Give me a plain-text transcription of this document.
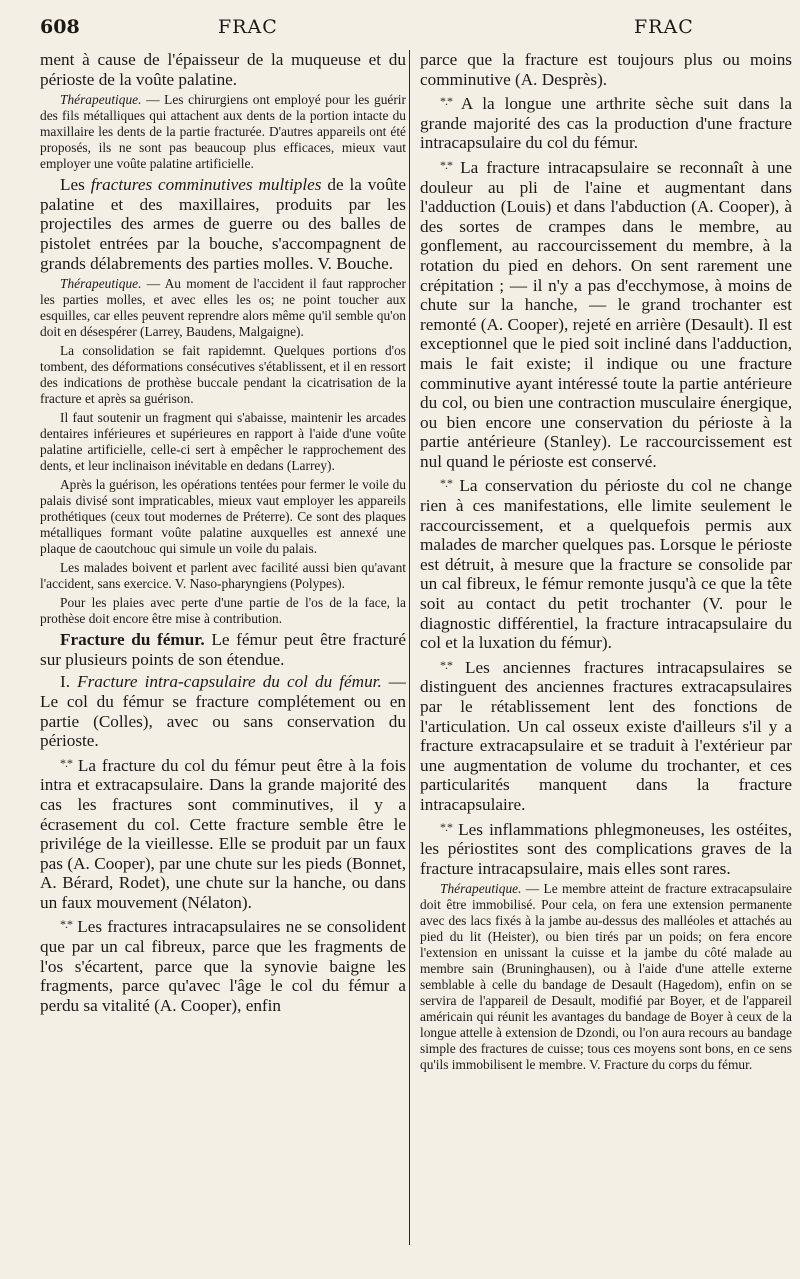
608	FRAC	FRAC

ment à cause de l'épaisseur de la muqueuse et du périoste de la voûte palatine.

Thérapeutique. — Les chirurgiens ont employé pour les guérir des fils métalliques qui attachent aux dents de la portion intacte du maxillaire les dents de la partie fracturée. D'autres appareils ont été proposés, ils ne sont pas beaucoup plus efficaces, mieux vaut employer une voûte palatine artificielle.

Les fractures comminutives multiples de la voûte palatine et des maxillaires, produits par les projectiles des armes de guerre ou des balles de pistolet entrées par la bouche, s'accompagnent de grands délabrements des parties molles. V. Bouche.

Thérapeutique. — Au moment de l'accident il faut rapprocher les parties molles, et avec elles les os; ne point toucher aux esquilles, car elles peuvent reprendre alors même qu'il semble qu'on doit en désespérer (Larrey, Baudens, Malgaigne).

La consolidation se fait rapidemnt. Quelques portions d'os tombent, des déformations consécutives s'établissent, et il en ressort des indications de prothèse buccale pendant la cicatrisation de la fracture et après sa guérison.

Il faut soutenir un fragment qui s'abaisse, maintenir les arcades dentaires inférieures et supérieures en rapport à l'aide d'une voûte palatine artificielle, celle-ci sert à empêcher le rapprochement des dents, et leur inclinaison inévitable en dedans (Larrey).

Après la guérison, les opérations tentées pour fermer le voile du palais divisé sont impraticables, mieux vaut employer les appareils prothétiques (ceux tout modernes de Préterre). Ce sont des plaques métalliques formant voûte palatine auxquelles est annexé une plaque de caoutchouc qui simule un voile du palais.

Les malades boivent et parlent avec facilité aussi bien qu'avant l'accident, sans exercice. V. Naso-pharyngiens (Polypes).

Pour les plaies avec perte d'une partie de l'os de la face, la prothèse doit encore être mise à contribution.

Fracture du fémur. Le fémur peut être fracturé sur plusieurs points de son étendue.

I. Fracture intra-capsulaire du col du fémur. — Le col du fémur se fracture complétement ou en partie (Colles), avec ou sans conservation du périoste.

*.* La fracture du col du fémur peut être à la fois intra et extracapsulaire. Dans la grande majorité des cas les fractures sont comminutives, il y a écrasement du col. Cette fracture semble être le privilége de la vieillesse. Elle se produit par un faux pas (A. Cooper), par une chute sur les pieds (Bonnet, A. Bérard, Rodet), une chute sur la hanche, ou dans un faux mouvement (Nélaton).

*.* Les fractures intracapsulaires ne se consolident que par un cal fibreux, parce que les fragments de l'os s'écartent, parce que la synovie baigne les fragments, parce qu'avec l'âge le col du fémur a perdu sa vitalité (A. Cooper), enfin

parce que la fracture est toujours plus ou moins comminutive (A. Desprès).

*.* A la longue une arthrite sèche suit dans la grande majorité des cas la production d'une fracture intracapsulaire du col du fémur.

*.* La fracture intracapsulaire se reconnaît à une douleur au pli de l'aine et augmentant dans l'adduction (Louis) et dans l'abduction (A. Cooper), à des sortes de crampes dans le membre, au gonflement, au raccourcissement du membre, à la rotation du pied en dehors. On sent rarement une crépitation ; — il n'y a pas d'ecchymose, à moins de chute sur la hanche, — le grand trochanter est remonté (A. Cooper), rejeté en arrière (Desault). Il est exceptionnel que le pied soit incliné dans l'adduction, mais le fait existe; il indique ou une fracture comminutive ayant intéressé toute la partie antérieure du col, ou bien une contraction musculaire énergique, ou bien encore une conservation du périoste à la partie antérieure (Stanley). Le raccourcissement est nul quand le périoste est conservé.

*.* La conservation du périoste du col ne change rien à ces manifestations, elle limite seulement le raccourcissement, et a quelquefois permis aux malades de marcher quelques pas. Lorsque le périoste est détruit, à mesure que la fracture se consolide par un cal fibreux, le fémur remonte jusqu'à ce que la tête soit au contact du petit trochanter (V. pour le diagnostic différentiel, la fracture intracapsulaire du col et la luxation du fémur).

*.* Les anciennes fractures intracapsulaires se distinguent des anciennes fractures extracapsulaires par le rétablissement lent des fonctions de l'articulation. Un cal osseux existe d'ailleurs s'il y a fracture extracapsulaire et se traduit à l'extérieur par une augmentation de volume du trochanter, et ces particularités manquent dans la fracture intracapsulaire.

*.* Les inflammations phlegmoneuses, les ostéites, les périostites sont des complications graves de la fracture intracapsulaire, mais elles sont rares.

Thérapeutique. — Le membre atteint de fracture extracapsulaire doit être immobilisé. Pour cela, on fera une extension permanente avec des lacs fixés à la jambe au-dessus des malléoles et attachés au pied du lit (Heister), ou bien tirés par un poids; on fera encore l'extension en unissant la cuisse et la jambe du côté malade au membre sain (Bruninghausen), ou à l'aide d'une attelle externe semblable à celle du bandage de Desault (Hagedom), enfin on se servira de l'appareil de Desault, modifié par Boyer, et de l'appareil américain qui réunit les avantages du bandage de Boyer à ceux de la longue attelle à extension de Dzondi, ou l'on aura recours au bandage simple des fractures de cuisse; tous ces moyens sont bons, en ce sens qu'ils immobilisent le membre. V. Fracture du corps du fémur.
